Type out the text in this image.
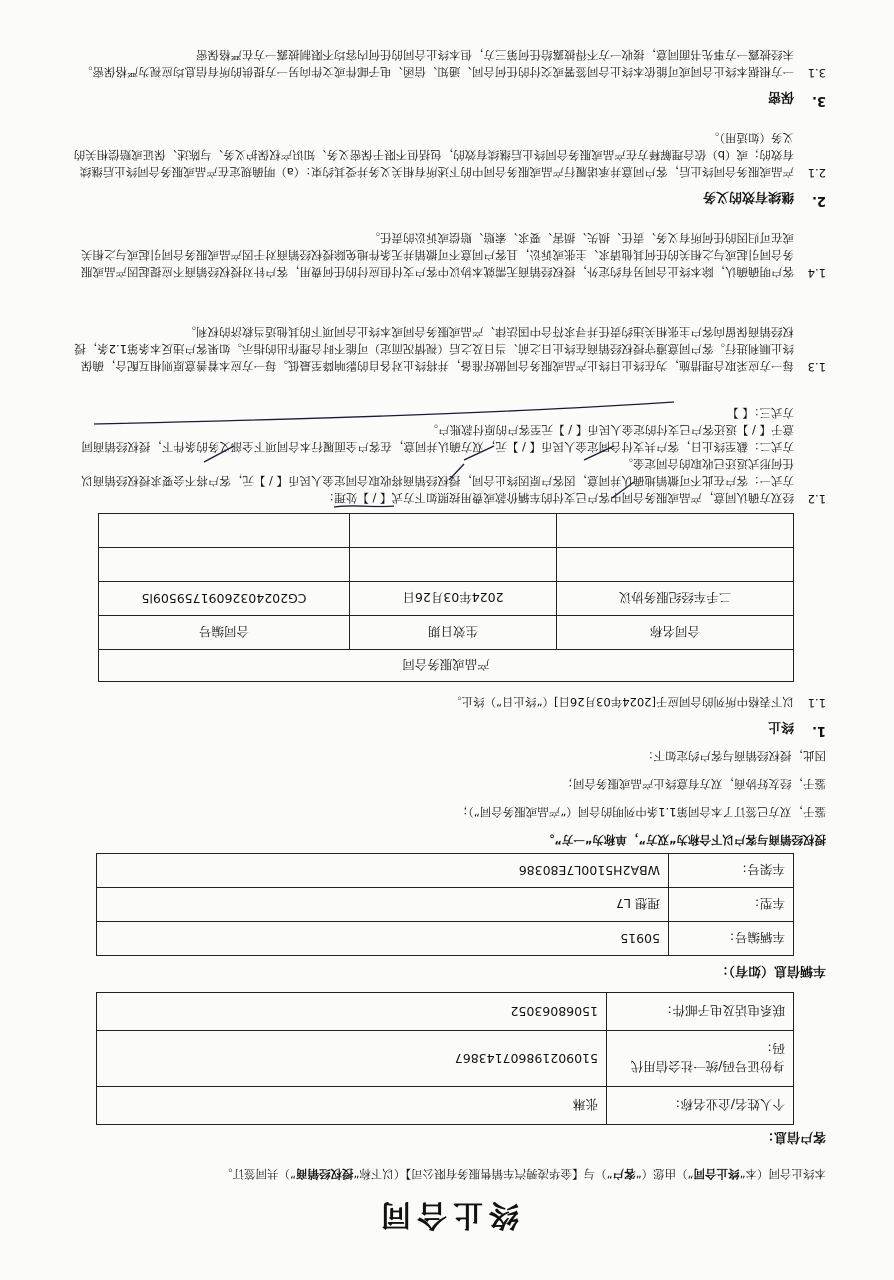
终止合同
本终止合同（本“终止合同”）由您（“客户”）与【金华凌骋汽车销售服务有限公司】（以下称“授权经销商”）共同签订。
客户信息：
个人姓名/企业名称：	张琳
身份证号码/统一社会信用代码：	510902198607143867
联系电话及电子邮件：	15068063052
车辆信息（如有）：
车辆编号：	50915
车型：	理想 L7
车架号：	WBA2H5100L7E80386
授权经销商与客户以下合称为“双方”，单称为“一方”。
鉴于，双方已签订了本合同第1.1条中列明的合同（“产品或服务合同”）；
鉴于，经友好协商，双方有意终止产品或服务合同；
因此，授权经销商与客户约定如下：
1.
终止
1.1
以下表格中所列的合同应于[2024年03月26日]（“终止日”）终止。
产品或服务合同		
合同名称	生效日期	合同编号
二手车经纪服务协议	2024年03月26日	CG20240326091759509l5

1.2
经双方确认同意，产品或服务合同中客户已支付的车辆价款或费用按照如下方式【 / 】处理：
方式一：客户在此不可撤销地确认并同意，因客户原因终止合同，授权经销商将收取合同定金人民币【 / 】元，客户将不会要求授权经销商以任何形式返还已收取的合同定金。
方式二：截至终止日，客户共支付合同定金人民币【 / 】元，双方确认并同意，在客户全面履行本合同项下全部义务的条件下，授权经销商同意于【 / 】返还客户已支付的定金人民币【 / 】元至客户的原付款账户。
方式三：【 】
1.3
每一方应采取合理措施，为在终止日终止产品或服务合同做好准备，并将终止对各自的影响降至最低。每一方应本着善意原则相互配合，确保终止顺利进行。客户同意遵守授权经销商在终止日之前、当日及之后（视情况而定）可能不时合理作出的指示。如果客户违反本条第1.2条，授权经销商保留向客户主张相关违约责任并寻求符合中国法律、产品或服务合同或本终止合同项下的其他适当救济的权利。
1.4
客户明确确认，除本终止合同另有约定外，授权经销商无需就本协议中客户支付但应付的任何费用，客户针对授权经销商不应提起因产品或服务合同引起或与之相关的任何其他请求、主张或诉讼，且客户同意不可撤销并无条件地免除授权经销商对于因产品或服务合同引起或与之相关或在可归因的任何所有义务、责任、损失、损害、要求、索赔、赔偿或诉讼的责任。
2.
继续有效的义务
2.1
产品或服务合同终止后，客户同意并承诺履行产品或服务合同中的下述所有相关义务并受其约束：（a）明确规定在产品或服务合同终止后继续有效的；或（b）依合理解释方在产品或服务合同终止后继续有效的，包括但不限于保密义务、知识产权保护义务、与陈述、保证或赔偿相关的义务（如适用）。
3.
保密
3.1
一方根据本终止合同或可能依本终止合同签署或交付的任何合同、通知、信函、电子邮件或文件向另一方提供的所有信息均应视为严格保密。未经披露一方事先书面同意，接收一方不得披露给任何第三方，但本终止合同的任何内容均不限制披露一方在严格保密
